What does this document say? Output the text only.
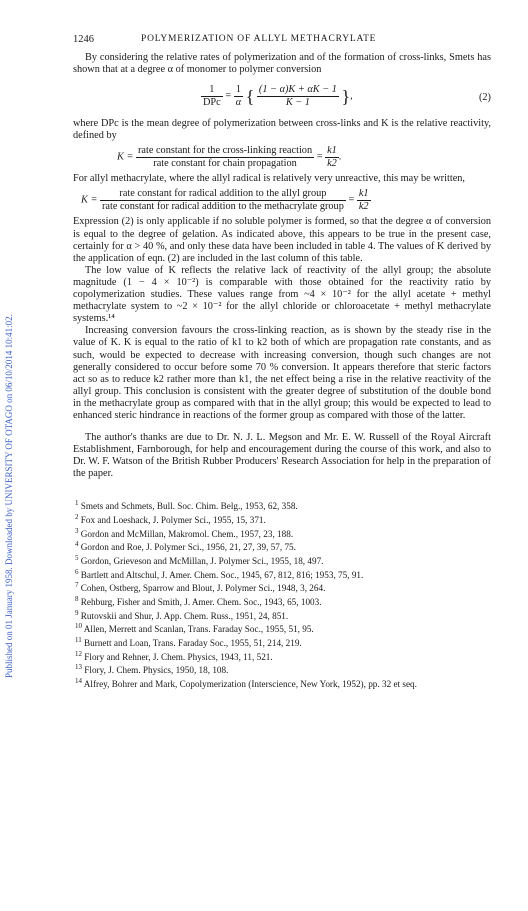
Published on 01 January 1958. Downloaded by UNIVERSITY OF OTAGO on 06/10/2014 10:41:02.
1246	POLYMERIZATION OF ALLYL METHACRYLATE

By considering the relative rates of polymerization and of the formation of cross-links, Smets has shown that at a degree α of monomer to polymer conversion

$\frac{1}{\text{DPc}} = \frac{1}{\alpha}$ { $\frac{(1 - \alpha)K + \alpha K - 1}{K - 1}$ },	(2)

where DPc is the mean degree of polymerization between cross-links and K is the relative reactivity, defined by

$K = \frac{\text{rate constant for the cross-linking reaction}}{\text{rate constant for chain propagation}} = \frac{k1}{k2}$ .

For allyl methacrylate, where the allyl radical is relatively very unreactive, this may be written,

$K = \frac{\text{rate constant for radical addition to the allyl group}}{\text{rate constant for radical addition to the methacrylate group}} = \frac{k1}{k2}$

Expression (2) is only applicable if no soluble polymer is formed, so that the degree α of conversion is equal to the degree of gelation. As indicated above, this appears to be true in the present case, certainly for α > 40 %, and only these data have been included in table 4. The values of K derived by the application of eqn. (2) are included in the last column of this table.

The low value of K reflects the relative lack of reactivity of the allyl group; the absolute magnitude (1 − 4 × 10⁻²) is comparable with those obtained for the reactivity ratio by copolymerization studies. These values range from ~4 × 10⁻² for the allyl acetate + methyl methacrylate system to ~2 × 10⁻² for the allyl chloride or chloroacetate + methyl methacrylate systems.¹⁴

Increasing conversion favours the cross-linking reaction, as is shown by the steady rise in the value of K. K is equal to the ratio of k1 to k2 both of which are propagation rate constants, and as such, would be expected to decrease with increasing conversion, though such changes are not generally considered to occur before some 70 % conversion. It appears therefore that steric factors act so as to reduce k2 rather more than k1, the net effect being a rise in the relative reactivity of the allyl group. This conclusion is consistent with the greater degree of substitution of the double bond in the methacrylate group as compared with that in the allyl group; this would be expected to lead to enhanced steric hindrance in reactions of the former group as compared with those of the latter.

The author's thanks are due to Dr. N. J. L. Megson and Mr. E. W. Russell of the Royal Aircraft Establishment, Farnborough, for help and encouragement during the course of this work, and also to Dr. W. F. Watson of the British Rubber Producers' Research Association for help in the preparation of the paper.

$^1$ Smets and Schmets, Bull. Soc. Chim. Belg., 1953, 62, 358.
$^2$ Fox and Loeshack, J. Polymer Sci., 1955, 15, 371.
$^3$ Gordon and McMillan, Makromol. Chem., 1957, 23, 188.
$^4$ Gordon and Roe, J. Polymer Sci., 1956, 21, 27, 39, 57, 75.
$^5$ Gordon, Grieveson and McMillan, J. Polymer Sci., 1955, 18, 497.
$^6$ Bartlett and Altschul, J. Amer. Chem. Soc., 1945, 67, 812, 816; 1953, 75, 91.
$^7$ Cohen, Ostberg, Sparrow and Blout, J. Polymer Sci., 1948, 3, 264.
$^8$ Rehburg, Fisher and Smith, J. Amer. Chem. Soc., 1943, 65, 1003.
$^9$ Rutovskii and Shur, J. App. Chem. Russ., 1951, 24, 851.
$^{10}$ Allen, Merrett and Scanlan, Trans. Faraday Soc., 1955, 51, 95.
$^{11}$ Burnett and Loan, Trans. Faraday Soc., 1955, 51, 214, 219.
$^{12}$ Flory and Rehner, J. Chem. Physics, 1943, 11, 521.
$^{13}$ Flory, J. Chem. Physics, 1950, 18, 108.
$^{14}$ Alfrey, Bohrer and Mark, Copolymerization (Interscience, New York, 1952), pp. 32 et seq.
